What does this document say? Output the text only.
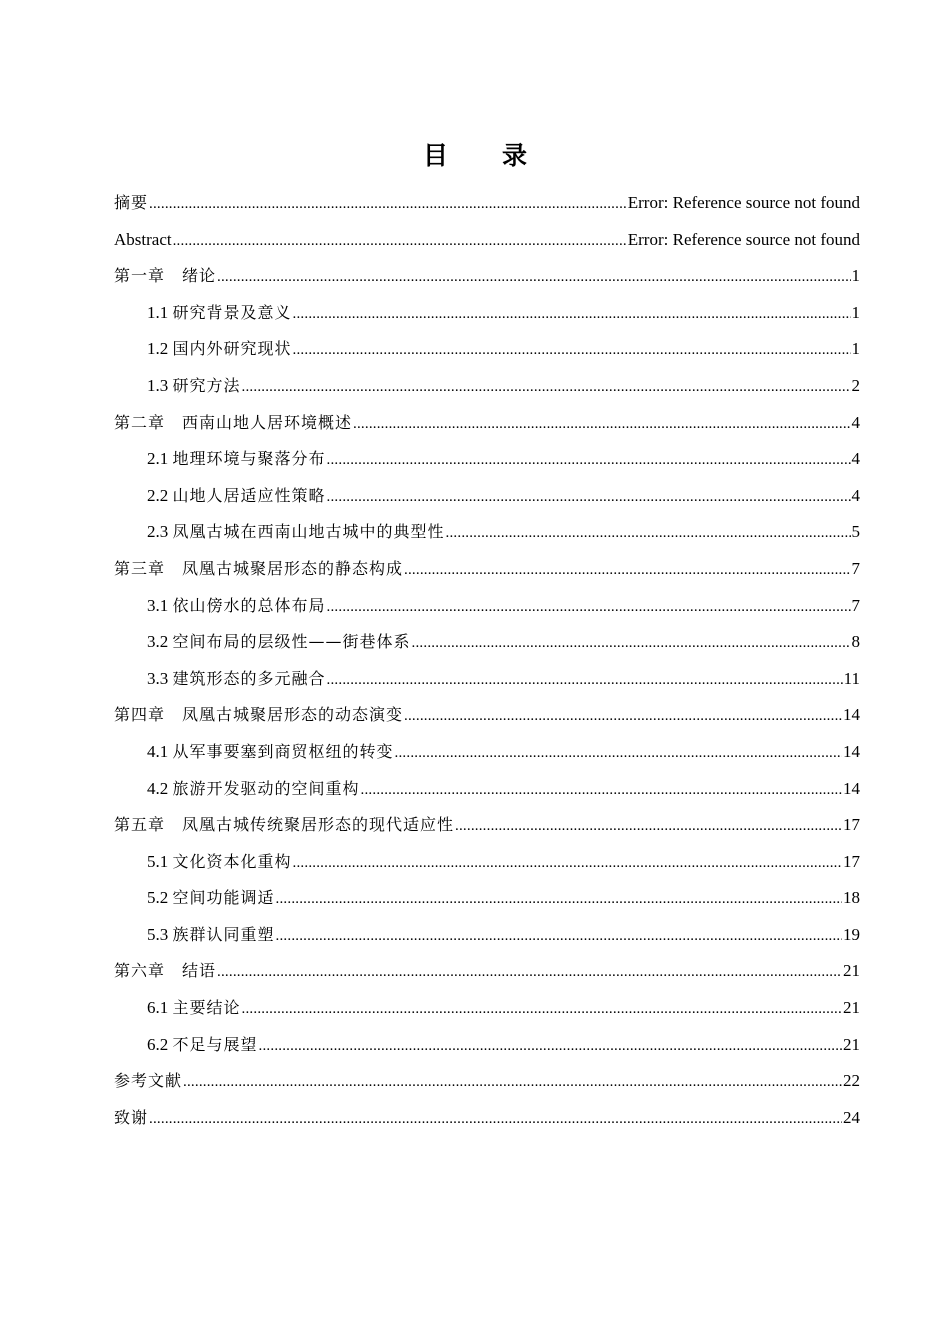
目 录
摘要 .....	Error: Reference source not found
Abstract .....	Error: Reference source not found
第一章　绪论 .....	1
1.1 研究背景及意义 .....	1
1.2 国内外研究现状 .....	1
1.3 研究方法 .....	2
第二章　西南山地人居环境概述 .....	4
2.1 地理环境与聚落分布 .....	4
2.2 山地人居适应性策略 .....	4
2.3 凤凰古城在西南山地古城中的典型性 .....	5
第三章　凤凰古城聚居形态的静态构成 .....	7
3.1 依山傍水的总体布局 .....	7
3.2 空间布局的层级性——街巷体系 .....	8
3.3 建筑形态的多元融合 .....	11
第四章　凤凰古城聚居形态的动态演变 .....	14
4.1 从军事要塞到商贸枢纽的转变 .....	14
4.2 旅游开发驱动的空间重构 .....	14
第五章　凤凰古城传统聚居形态的现代适应性 .....	17
5.1 文化资本化重构 .....	17
5.2 空间功能调适 .....	18
5.3 族群认同重塑 .....	19
第六章　结语 .....	21
6.1 主要结论 .....	21
6.2 不足与展望 .....	21
参考文献 .....	22
致谢 .....	24
